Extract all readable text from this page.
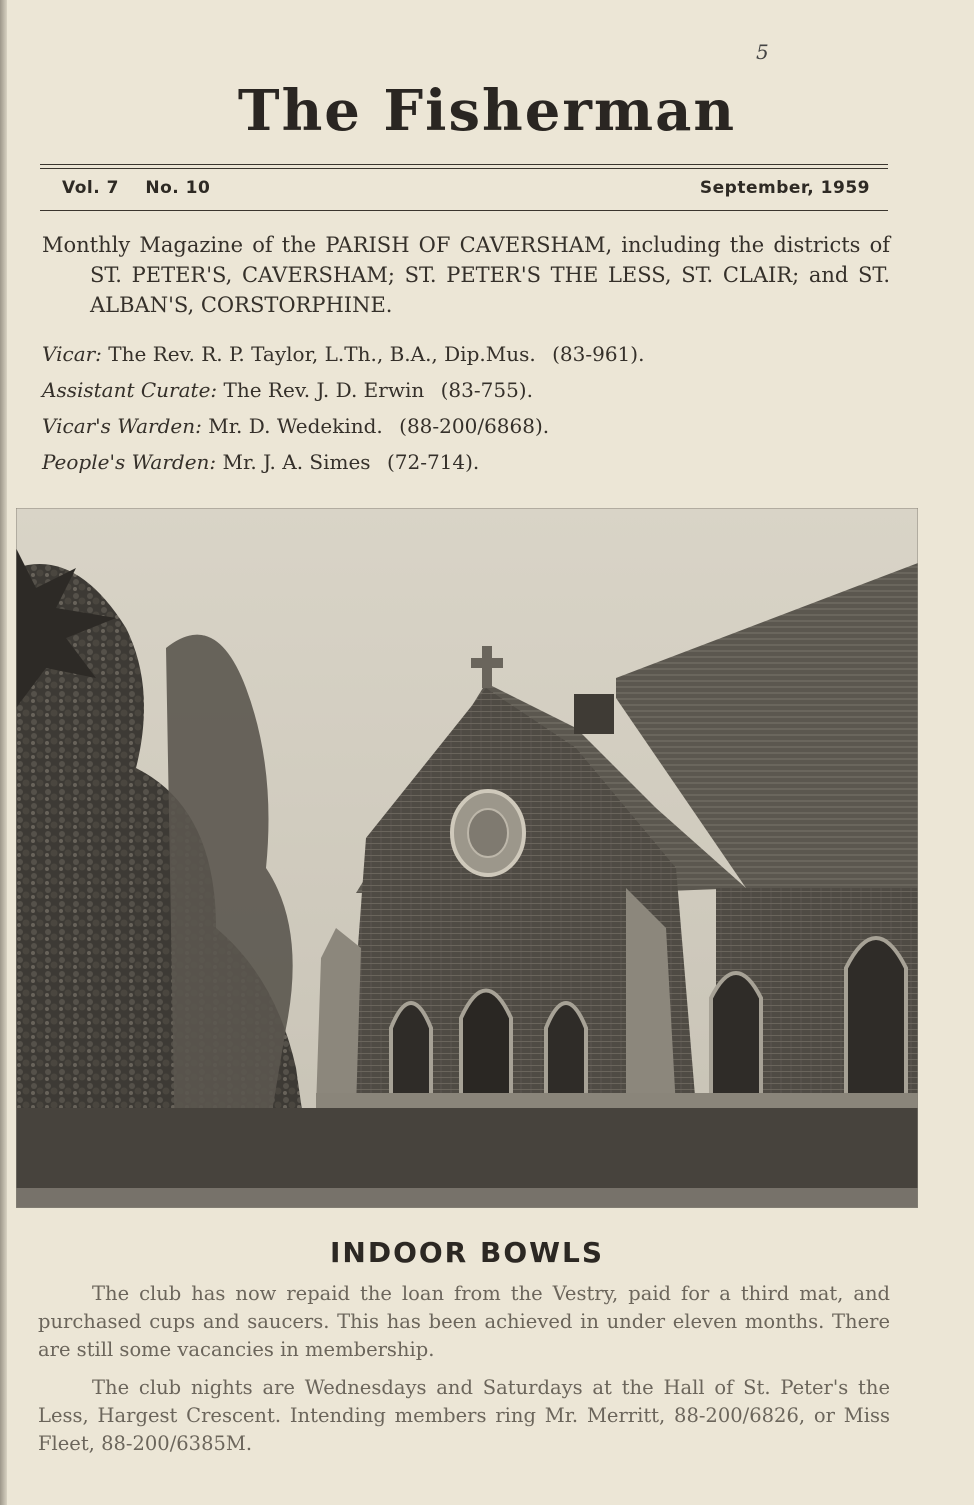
5
The Fisherman
Vol. 7 No. 10	September, 1959
Monthly Magazine of the PARISH OF CAVERSHAM, including the districts of ST. PETER'S, CAVERSHAM; ST. PETER'S THE LESS, ST. CLAIR; and ST. ALBAN'S, CORSTORPHINE.
Vicar: The Rev. R. P. Taylor, L.Th., B.A., Dip.Mus. (83-961).
Assistant Curate: The Rev. J. D. Erwin (83-755).
Vicar's Warden: Mr. D. Wedekind. (88-200/6868).
People's Warden: Mr. J. A. Simes (72-714).
INDOOR BOWLS

The club has now repaid the loan from the Vestry, paid for a third mat, and purchased cups and saucers. This has been achieved in under eleven months. There are still some vacancies in membership.

The club nights are Wednesdays and Saturdays at the Hall of St. Peter's the Less, Hargest Crescent. Intending members ring Mr. Merritt, 88-200/6826, or Miss Fleet, 88-200/6385M.
